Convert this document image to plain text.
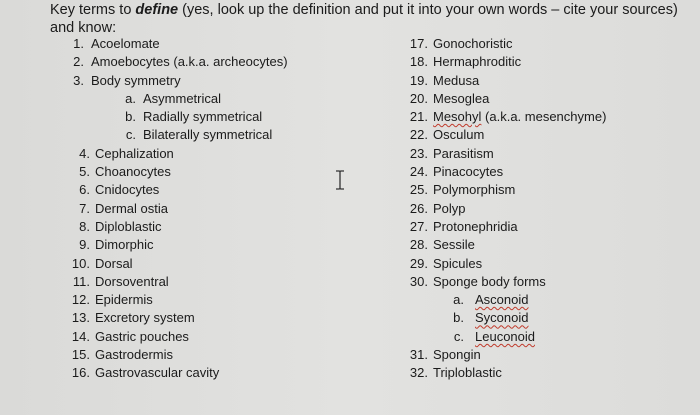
Key terms to define (yes, look up the definition and put it into your own words – cite your sources) and know:
1. Acoelomate
2. Amoebocytes (a.k.a. archeocytes)
3. Body symmetry
a. Asymmetrical
b. Radially symmetrical
c. Bilaterally symmetrical
4. Cephalization
5. Choanocytes
6. Cnidocytes
7. Dermal ostia
8. Diploblastic
9. Dimorphic
10. Dorsal
11. Dorsoventral
12. Epidermis
13. Excretory system
14. Gastric pouches
15. Gastrodermis
16. Gastrovascular cavity
17. Gonochoristic
18. Hermaphroditic
19. Medusa
20. Mesoglea
21. Mesohyl (a.k.a. mesenchyme)
22. Osculum
23. Parasitism
24. Pinacocytes
25. Polymorphism
26. Polyp
27. Protonephridia
28. Sessile
29. Spicules
30. Sponge body forms
a. Asconoid
b. Syconoid
c. Leuconoid
31. Spongin
32. Triploblastic
